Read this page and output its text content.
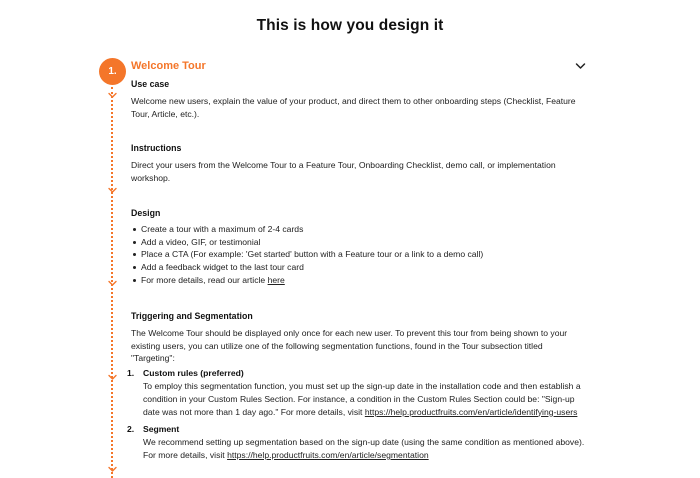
This is how you design it
1.	Welcome Tour
Use case

Welcome new users, explain the value of your product, and direct them to other onboarding steps (Checklist, Feature Tour, Article, etc.).

Instructions

Direct your users from the Welcome Tour to a Feature Tour, Onboarding Checklist, demo call, or implementation workshop.

Design
Create a tour with a maximum of 2-4 cards
Add a video, GIF, or testimonial
Place a CTA (For example: 'Get started' button with a Feature tour or a link to a demo call)
Add a feedback widget to the last tour card
For more details, read our article here
Triggering and Segmentation

The Welcome Tour should be displayed only once for each new user. To prevent this tour from being shown to your existing users, you can utilize one of the following segmentation functions, found in the Tour subsection titled "Targeting":

1.	Custom rules (preferred)
To employ this segmentation function, you must set up the sign-up date in the installation code and then establish a condition in your Custom Rules Section. For instance, a condition in the Custom Rules Section could be: "Sign-up date was not more than 1 day ago." For more details, visit https://help.productfruits.com/en/article/identifying-users
2.	Segment
We recommend setting up segmentation based on the sign-up date (using the same condition as mentioned above). For more details, visit https://help.productfruits.com/en/article/segmentation
